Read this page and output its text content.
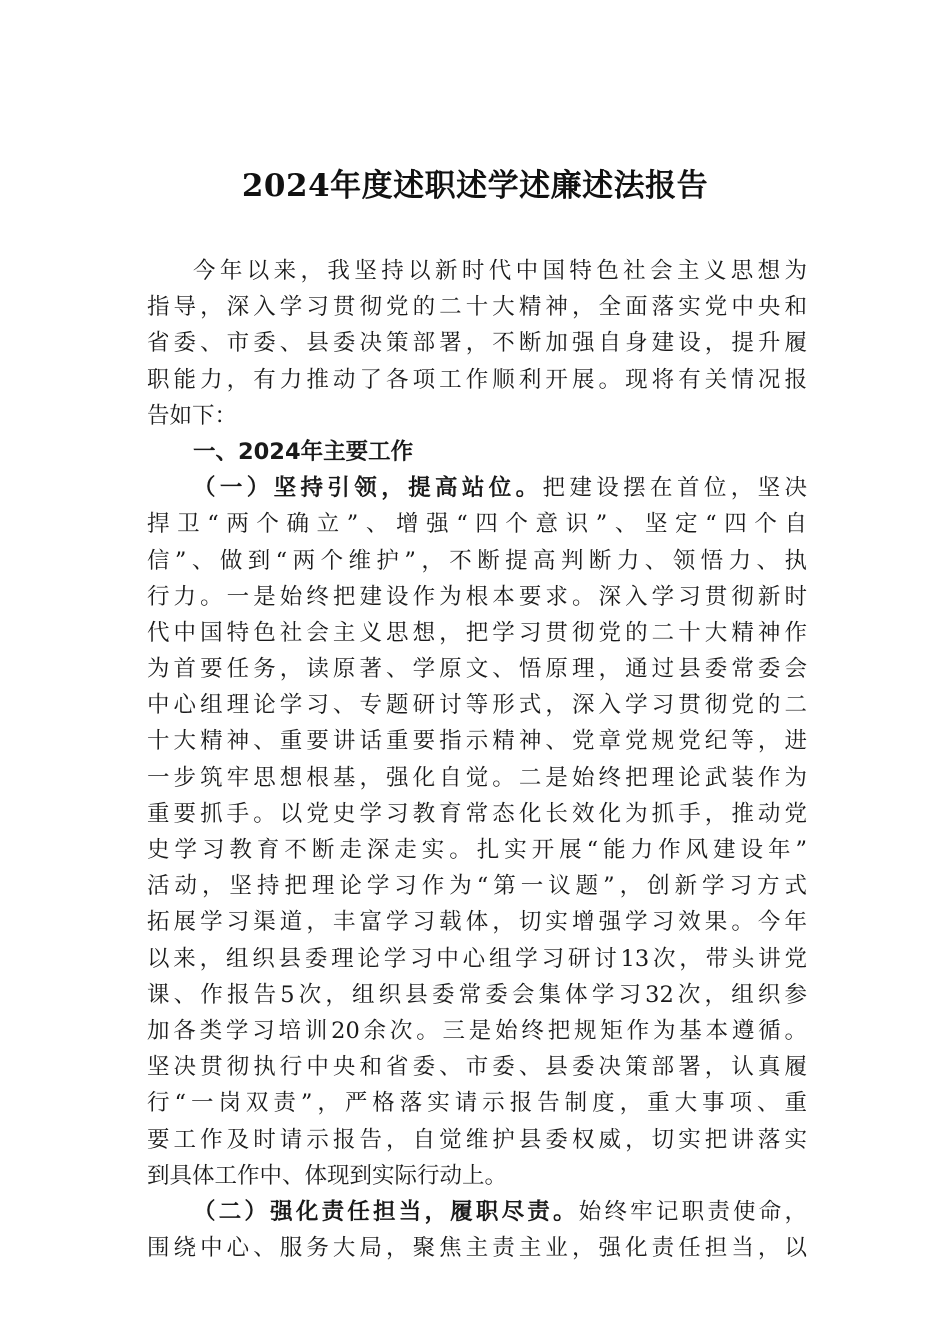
2024年度述职述学述廉述法报告
今年以来，我坚持以新时代中国特色社会主义思想为
指导，深入学习贯彻党的二十大精神，全面落实党中央和
省委、市委、县委决策部署，不断加强自身建设，提升履
职能力，有力推动了各项工作顺利开展。现将有关情况报
告如下：
一、2024年主要工作
（一）坚持引领，提高站位。把建设摆在首位，坚决
捍卫“两个确立”、增强“四个意识”、坚定“四个自
信”、做到“两个维护”，不断提高判断力、领悟力、执
行力。一是始终把建设作为根本要求。深入学习贯彻新时
代中国特色社会主义思想，把学习贯彻党的二十大精神作
为首要任务，读原著、学原文、悟原理，通过县委常委会
中心组理论学习、专题研讨等形式，深入学习贯彻党的二
十大精神、重要讲话重要指示精神、党章党规党纪等，进
一步筑牢思想根基，强化自觉。二是始终把理论武装作为
重要抓手。以党史学习教育常态化长效化为抓手，推动党
史学习教育不断走深走实。扎实开展“能力作风建设年”
活动，坚持把理论学习作为“第一议题”，创新学习方式
拓展学习渠道，丰富学习载体，切实增强学习效果。今年
以来，组织县委理论学习中心组学习研讨13次，带头讲党
课、作报告5次，组织县委常委会集体学习32次，组织参
加各类学习培训20余次。三是始终把规矩作为基本遵循。
坚决贯彻执行中央和省委、市委、县委决策部署，认真履
行“一岗双责”，严格落实请示报告制度，重大事项、重
要工作及时请示报告，自觉维护县委权威，切实把讲落实
到具体工作中、体现到实际行动上。
（二）强化责任担当，履职尽责。始终牢记职责使命，
围绕中心、服务大局，聚焦主责主业，强化责任担当，以
